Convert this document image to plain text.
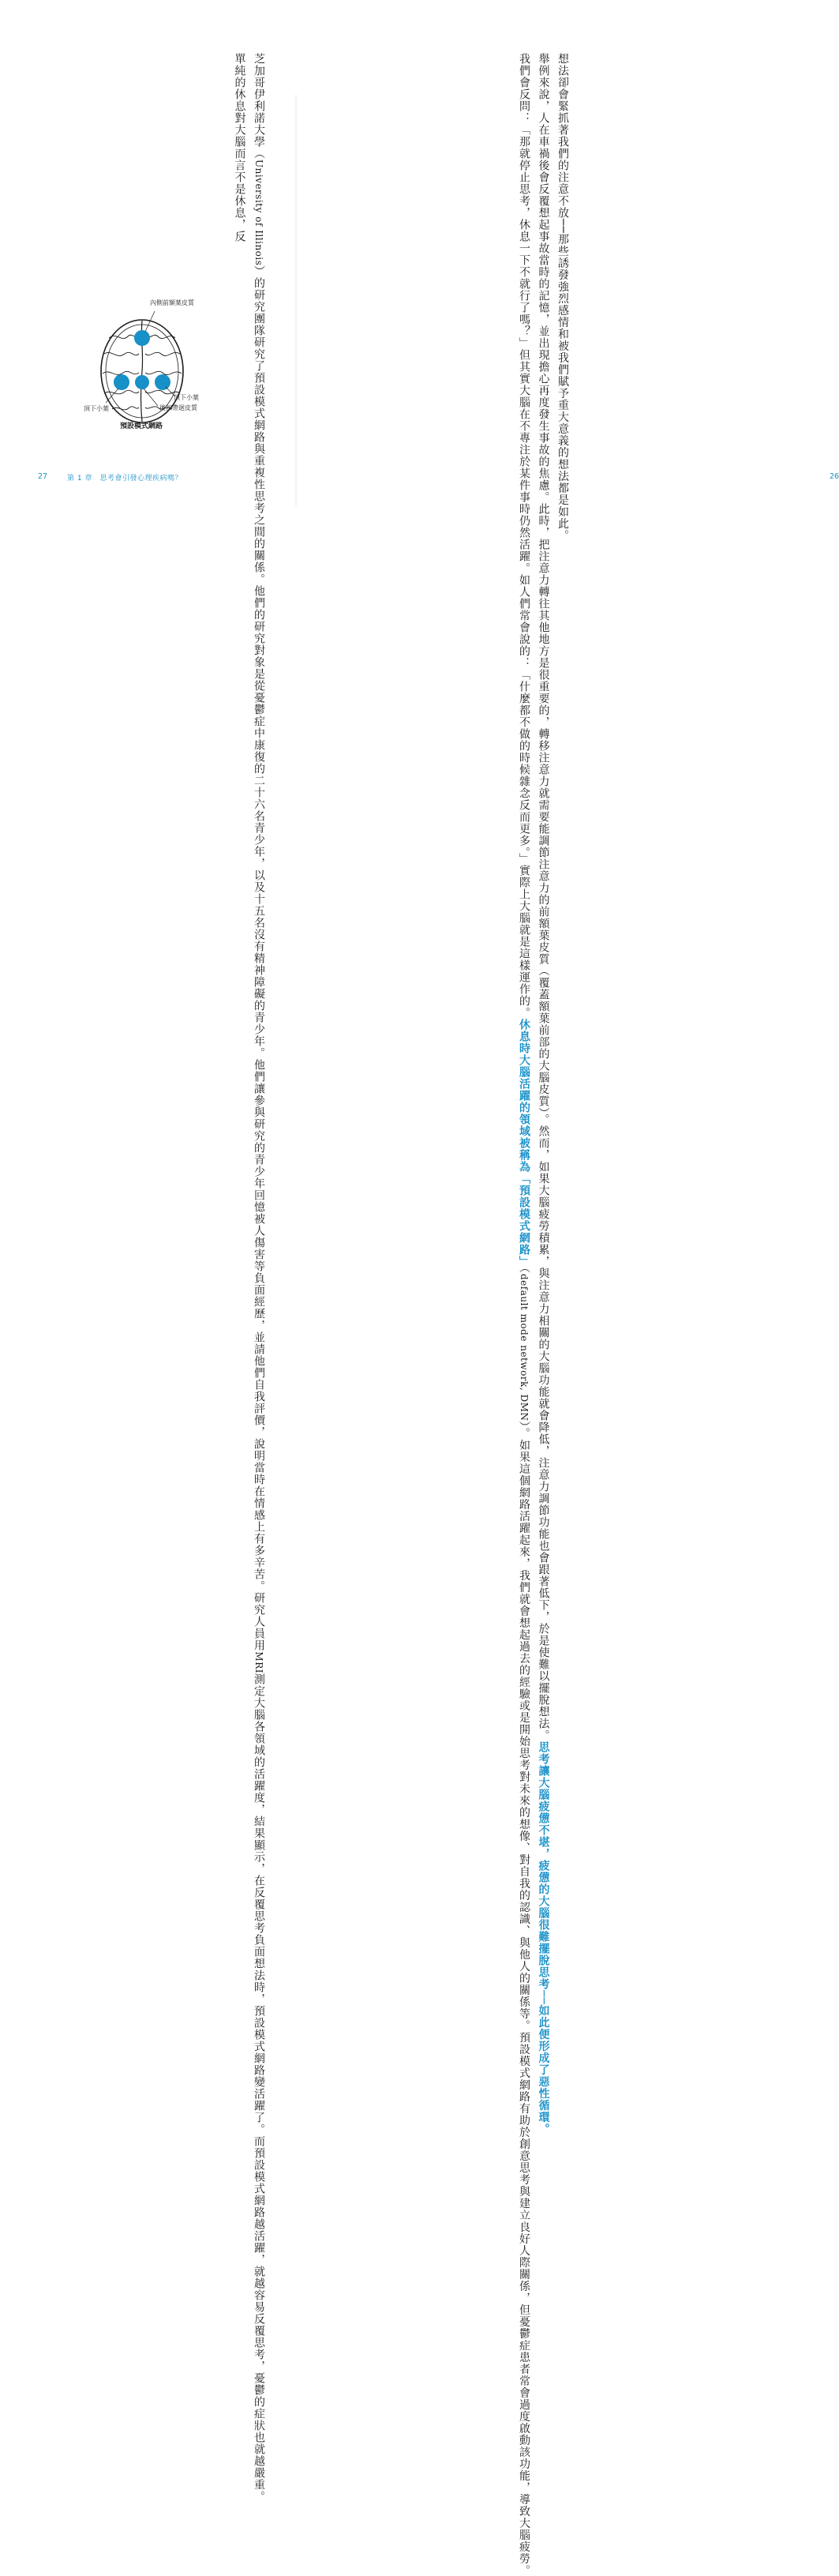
　芝加哥伊利諾大學（University of Illinois）的研究團隊研究了預設模式網路與重複性思考之間的關係。他們的研究對象是從憂鬱症中康復的二十六名青少年，以及十五名沒有精神障礙的青少年。他們讓參與研究的青少年回憶被人傷害等負面經歷，並請他們自我評價，說明當時在情感上有多辛苦。研究人員用MRI測定大腦各領域的活躍度，結果顯示，在反覆思考負面想法時，預設模式網路變活躍了。而預設模式網路越活躍，就越容易反覆思考，憂鬱的症狀也就越嚴重。

　單純的休息對大腦而言不是休息，反

內側前額葉皮質
頂下小葉
後扣帶迴皮質
頂下小葉
預設模式網路
27	第 1 章　思考會引發心理疾病嗎？

　	想法卻會緊抓著我們的注意不放──那些誘發強烈感情和被我們賦予重大意義的想法都是如此。

　舉例來說，人在車禍後會反覆想起事故當時的記憶，並出現擔心再度發生事故的焦慮。此時，把注意力轉往其他地方是很重要的，轉移注意力就需要能調節注意力的前額葉皮質（覆蓋額葉前部的大腦皮質）。然而，如果大腦疲勞積累，與注意力相關的大腦功能就會降低，注意力調節功能也會跟著低下，於是使難以擺脫想法。思考讓大腦疲憊不堪，疲憊的大腦很難擺脫思考──如此便形成了惡性循環。

　我們會反問：「那就停止思考，休息一下不就行了嗎？」但其實大腦在不專注於某件事時仍然活躍。如人們常會說的：「什麼都不做的時候雜念反而更多。」實際上大腦就是這樣運作的。休息時大腦活躍的領域被稱為「預設模式網路」（default mode network, DMN）。如果這個網路活躍起來，我們就會想起過去的經驗或是開始思考對未來的想像、對自我的認識、與他人的關係等。預設模式網路有助於創意思考與建立良好人際關係，但憂鬱症患者常會過度啟動該功能，導致大腦疲勞。

26
